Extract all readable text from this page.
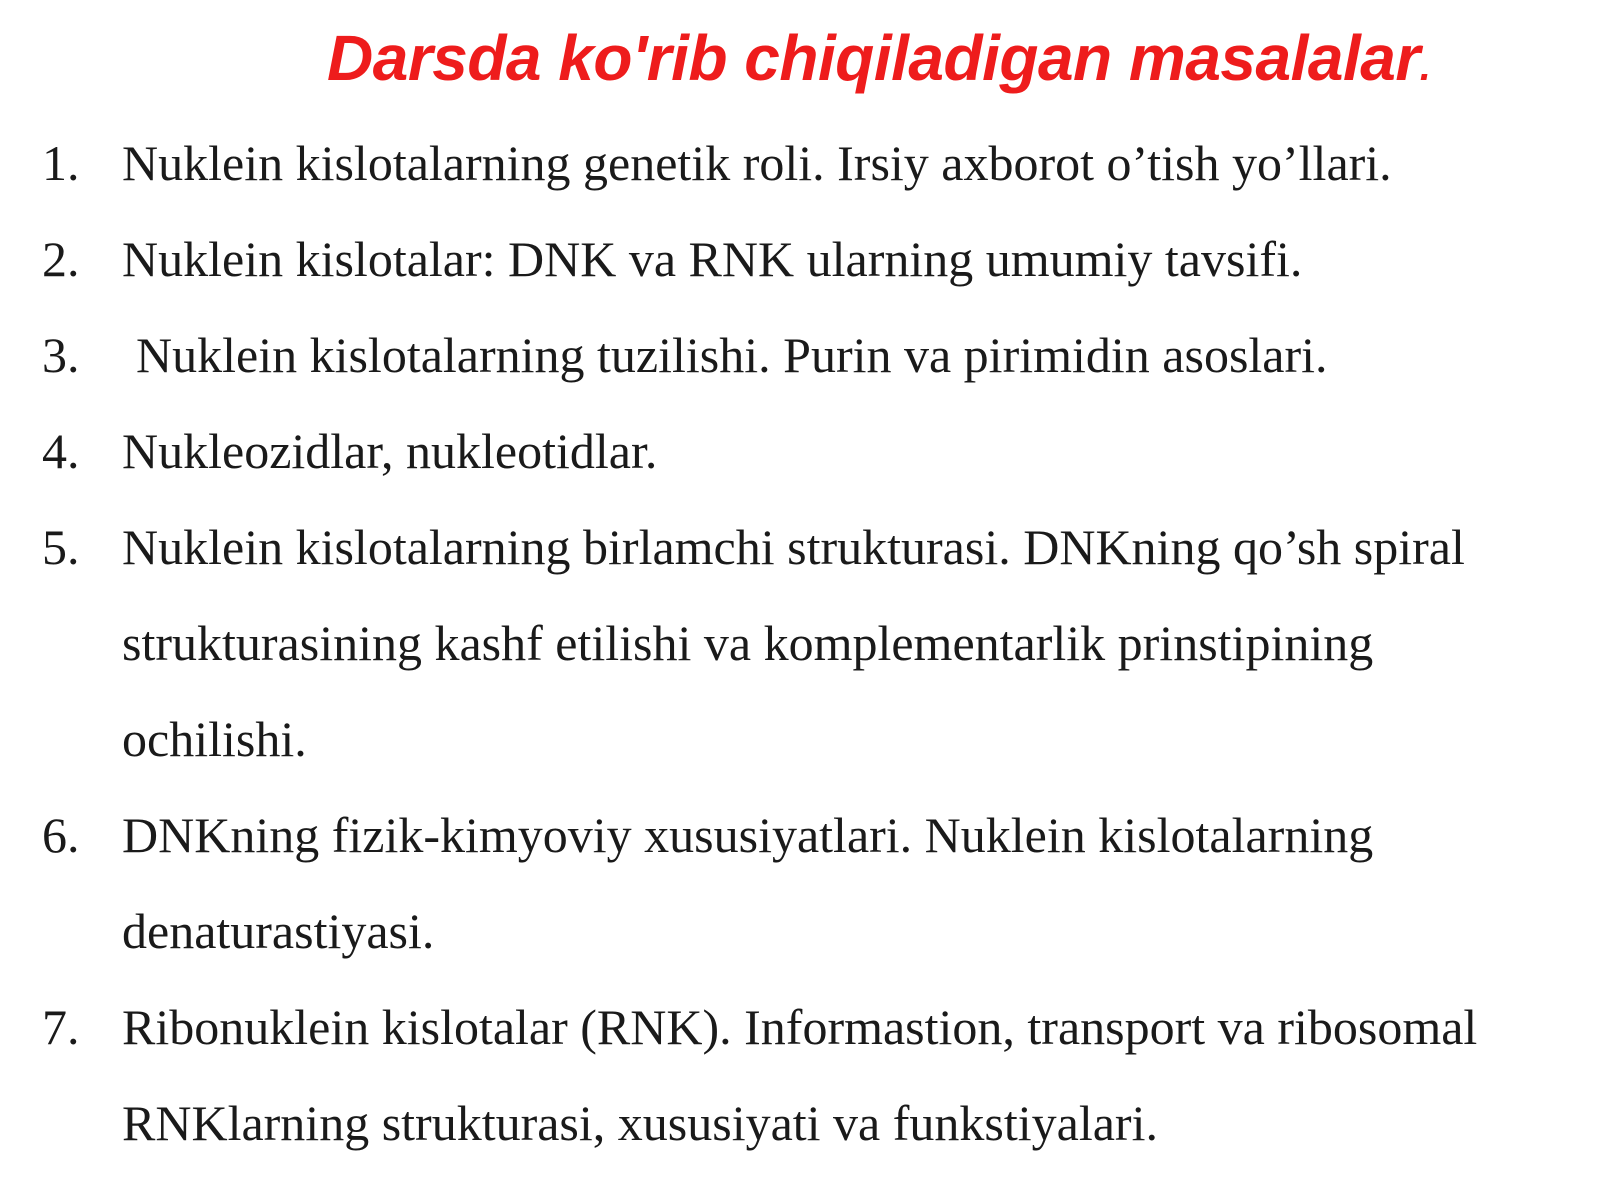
Darsda ko'rib chiqiladigan masalalar.
1. Nuklein kislotalarning genetik roli. Irsiy axborot o’tish yo’llari.
2. Nuklein kislotalar: DNK va RNK ularning umumiy tavsifi.
3.	Nuklein kislotalarning tuzilishi. Purin va pirimidin asoslari.
4. Nukleozidlar, nukleotidlar.
5. Nuklein kislotalarning birlamchi strukturasi. DNKning qo’sh spiral strukturasining kashf etilishi va komplementarlik prinstipining ochilishi.
6. DNKning fizik-kimyoviy xususiyatlari. Nuklein kislotalarning denaturastiyasi.
7. Ribonuklein kislotalar (RNK). Informastion, transport va ribosomal RNKlarning strukturasi, xususiyati va funkstiyalari.
